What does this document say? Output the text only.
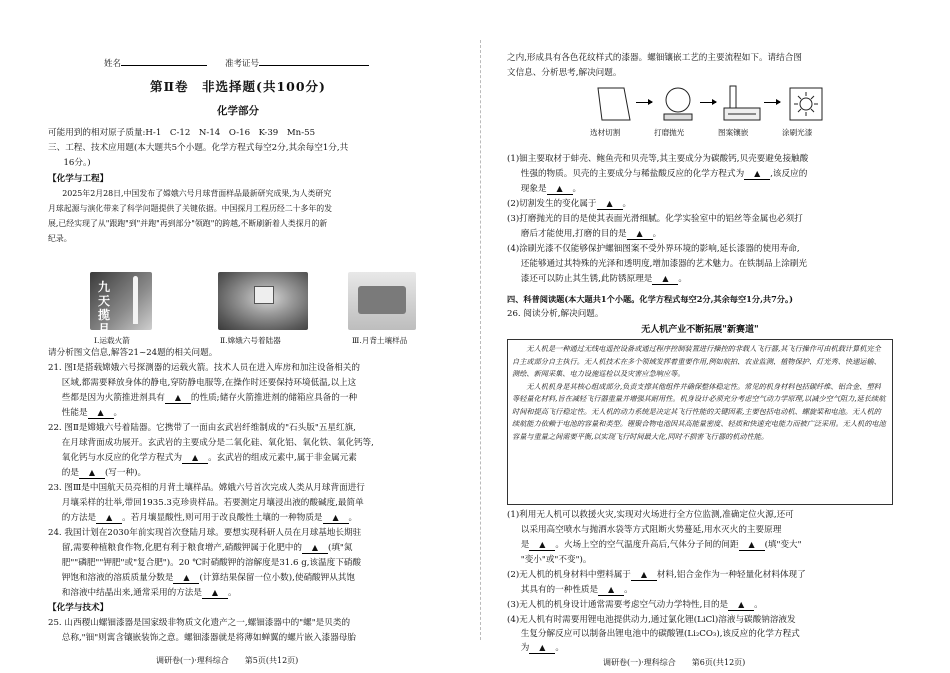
姓名	准考证号
第Ⅱ卷　非选择题(共100分)
化学部分
可能用到的相对原子质量:H-1　C-12　N-14　O-16　K-39　Mn-55
三、工程、技术应用题(本大题共5个小题。化学方程式每空2分,其余每空1分,共
16分。)
【化学与工程】
2025年2月28日,中国发布了嫦娥六号月球背面样品最新研究成果,为人类研究
月球起源与演化带来了科学问题提供了关键依据。中国探月工程历经二十多年的发
展,已经实现了从"跟跑"到"并跑"再到部分"领跑"的跨越,不断刷新着人类探月的新
纪录。
九天揽月
Ⅰ.运载火箭	Ⅱ.嫦娥六号着陆器	Ⅲ.月背土壤样品
请分析图文信息,解答21~24题的相关问题。
21. 图Ⅰ是搭载嫦娥六号探测器的运载火箭。技术人员在进入库房和加注设备相关的
区域,都需要释放身体的静电,穿防静电服等,在操作时还要保持环境低温,以上这
些都是因为火箭推进剂具有 ▲ 的性质;储存火箭推进剂的储箱应具备的一种
性能是 ▲ 。
22. 图Ⅱ是嫦娥六号着陆器。它携带了一面由玄武岩纤维制成的"石头版"五星红旗,
在月球背面成功展开。玄武岩的主要成分是二氧化硅、氧化铝、氧化铁、氧化钙等,
氧化钙与水反应的化学方程式为 ▲ 。玄武岩的组成元素中,属于非金属元素
的是 ▲ (写一种)。
23. 图Ⅲ是中国航天员亮相的月背土壤样品。嫦娥六号首次完成人类从月球背面进行
月壤采样的壮举,带回1935.3克珍贵样品。若要测定月壤浸出液的酸碱度,最简单
的方法是 ▲ 。若月壤显酸性,则可用于改良酸性土壤的一种物质是 ▲ 。
24. 我国计划在2030年前实现首次登陆月球。要想实现科研人员在月球基地长期驻
留,需要种植粮食作物,化肥有利于粮食增产,硝酸钾属于化肥中的 ▲ (填"氮
肥""磷肥""钾肥"或"复合肥")。20 ℃时硝酸钾的溶解度是31.6 g,该温度下硝酸
钾饱和溶液的溶质质量分数是 ▲ (计算结果保留一位小数),使硝酸钾从其饱
和溶液中结晶出来,通常采用的方法是 ▲ 。
【化学与技术】
25. 山西稷山螺钿漆器是国家级非物质文化遗产之一,螺钿漆器中的"螺"是贝类的
总称,"钿"则寓含镶嵌装饰之意。螺钿漆器就是将薄如蝉翼的螺片嵌入漆器母胎
调研卷(一)·理科综合　　第5页(共12页)
之内,形成具有各色花纹样式的漆器。螺钿镶嵌工艺的主要流程如下。请结合图
文信息、分析思考,解决问题。
选材切割	打磨抛光	图案镶嵌	涂刷光漆
(1)钿主要取材于蚌壳、鲍鱼壳和贝壳等,其主要成分为碳酸钙,贝壳要避免接触酸
性强的物质。贝壳的主要成分与稀盐酸反应的化学方程式为 ▲ ,该反应的
现象是 ▲ 。
(2)切割发生的变化属于 ▲ 。
(3)打磨抛光的目的是使其表面光滑细腻。化学实验室中的铝丝等金属也必须打
磨后才能使用,打磨的目的是 ▲ 。
(4)涂刷光漆不仅能够保护螺钿图案不受外界环境的影响,延长漆器的使用寿命,
还能够通过其特殊的光泽和透明度,增加漆器的艺术魅力。在铁制品上涂刷光
漆还可以防止其生锈,此防锈原理是 ▲ 。
四、科普阅读题(本大题共1个小题。化学方程式每空2分,其余每空1分,共7分。)
26. 阅读分析,解决问题。
无人机产业不断拓展"新赛道"

无人机是一种通过无线电遥控设备或通过程序控制装置进行操控的非载人飞行器,其飞行操作可由机载计算机完全自主或部分自主执行。无人机技术在多个领域发挥着重要作用,例如航拍、农业监测、植物保护、灯光秀、快递运输、测绘、新闻采集、电力设施巡检以及灾害应急响应等。

无人机机身是其核心组成部分,负责支撑其他组件并确保整体稳定性。常见的机身材料包括碳纤维、铝合金、塑料等轻量化材料,旨在减轻飞行器重量并增强其耐用性。机身设计必须充分考虑空气动力学原理,以减少空气阻力,延长续航时间和提高飞行稳定性。无人机的动力系统是决定其飞行性能的关键因素,主要包括电动机、螺旋桨和电池。无人机的续航能力依赖于电池的容量和类型。锂聚合物电池因其高能量密度、轻质和快速充电能力而被广泛采用。无人机的电池容量与重量之间需要平衡,以实现飞行时间最大化,同时不损害飞行器的机动性能。

(1)利用无人机可以救援火灾,实现对火场进行全方位监测,准确定位火源,还可
以采用高空喷水与抛洒水袋等方式阻断火势蔓延,用水灭火的主要原理
是 ▲ 。火场上空的空气温度升高后,气体分子间的间距 ▲ (填"变大"
"变小"或"不变")。
(2)无人机的机身材料中塑料属于 ▲ 材料,铝合金作为一种轻量化材料体现了
其具有的一种性质是 ▲ 。
(3)无人机的机身设计通常需要考虑空气动力学特性,目的是 ▲ 。
(4)无人机有时需要用锂电池提供动力,通过氯化锂(LiCl)溶液与碳酸钠溶液发
生复分解反应可以制备出锂电池中的碳酸锂(Li₂CO₃),该反应的化学方程式
为 ▲ 。
调研卷(一)·理科综合　　第6页(共12页)
